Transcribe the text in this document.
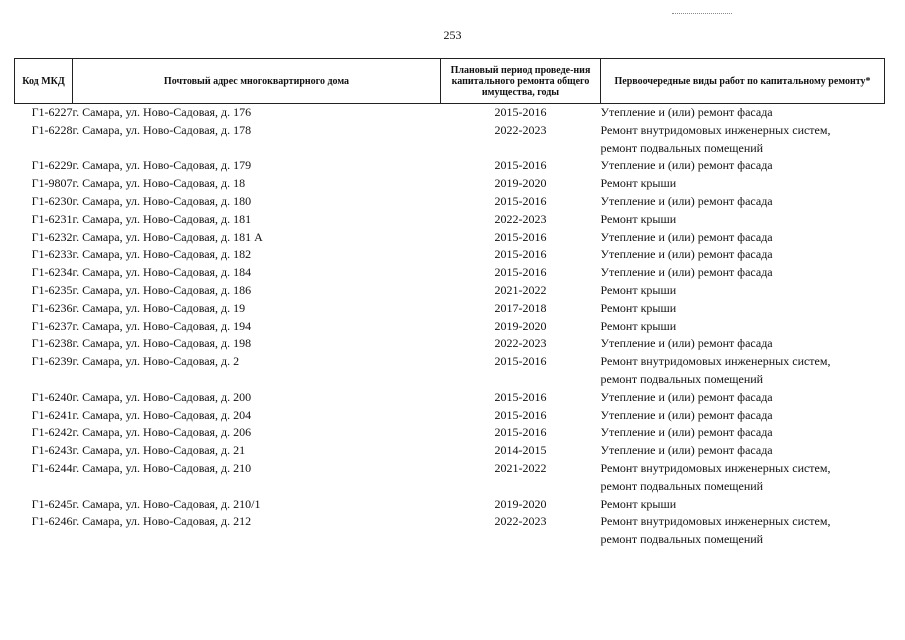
253
Код МКД	Почтовый адрес многоквартирного дома	Плановый период проведе-ния капитального ремонта общего имущества, годы	Первоочередные виды работ по капитальному ремонту*
Г1-6227	г. Самара, ул. Ново-Садовая, д. 176	2015-2016	Утепление и (или) ремонт фасада

Г1-6228	г. Самара, ул. Ново-Садовая, д. 178	2022-2023	Ремонт внутридомовых инженерных систем,
ремонт подвальных помещений

Г1-6229	г. Самара, ул. Ново-Садовая, д. 179	2015-2016	Утепление и (или) ремонт фасада

Г1-9807	г. Самара, ул. Ново-Садовая, д. 18	2019-2020	Ремонт крыши

Г1-6230	г. Самара, ул. Ново-Садовая, д. 180	2015-2016	Утепление и (или) ремонт фасада

Г1-6231	г. Самара, ул. Ново-Садовая, д. 181	2022-2023	Ремонт крыши

Г1-6232	г. Самара, ул. Ново-Садовая, д. 181 А	2015-2016	Утепление и (или) ремонт фасада

Г1-6233	г. Самара, ул. Ново-Садовая, д. 182	2015-2016	Утепление и (или) ремонт фасада

Г1-6234	г. Самара, ул. Ново-Садовая, д. 184	2015-2016	Утепление и (или) ремонт фасада

Г1-6235	г. Самара, ул. Ново-Садовая, д. 186	2021-2022	Ремонт крыши

Г1-6236	г. Самара, ул. Ново-Садовая, д. 19	2017-2018	Ремонт крыши

Г1-6237	г. Самара, ул. Ново-Садовая, д. 194	2019-2020	Ремонт крыши

Г1-6238	г. Самара, ул. Ново-Садовая, д. 198	2022-2023	Утепление и (или) ремонт фасада

Г1-6239	г. Самара, ул. Ново-Садовая, д. 2	2015-2016	Ремонт внутридомовых инженерных систем,
ремонт подвальных помещений

Г1-6240	г. Самара, ул. Ново-Садовая, д. 200	2015-2016	Утепление и (или) ремонт фасада

Г1-6241	г. Самара, ул. Ново-Садовая, д. 204	2015-2016	Утепление и (или) ремонт фасада

Г1-6242	г. Самара, ул. Ново-Садовая, д. 206	2015-2016	Утепление и (или) ремонт фасада

Г1-6243	г. Самара, ул. Ново-Садовая, д. 21	2014-2015	Утепление и (или) ремонт фасада

Г1-6244	г. Самара, ул. Ново-Садовая, д. 210	2021-2022	Ремонт внутридомовых инженерных систем,
ремонт подвальных помещений

Г1-6245	г. Самара, ул. Ново-Садовая, д. 210/1	2019-2020	Ремонт крыши

Г1-6246	г. Самара, ул. Ново-Садовая, д. 212	2022-2023	Ремонт внутридомовых инженерных систем,
ремонт подвальных помещений
